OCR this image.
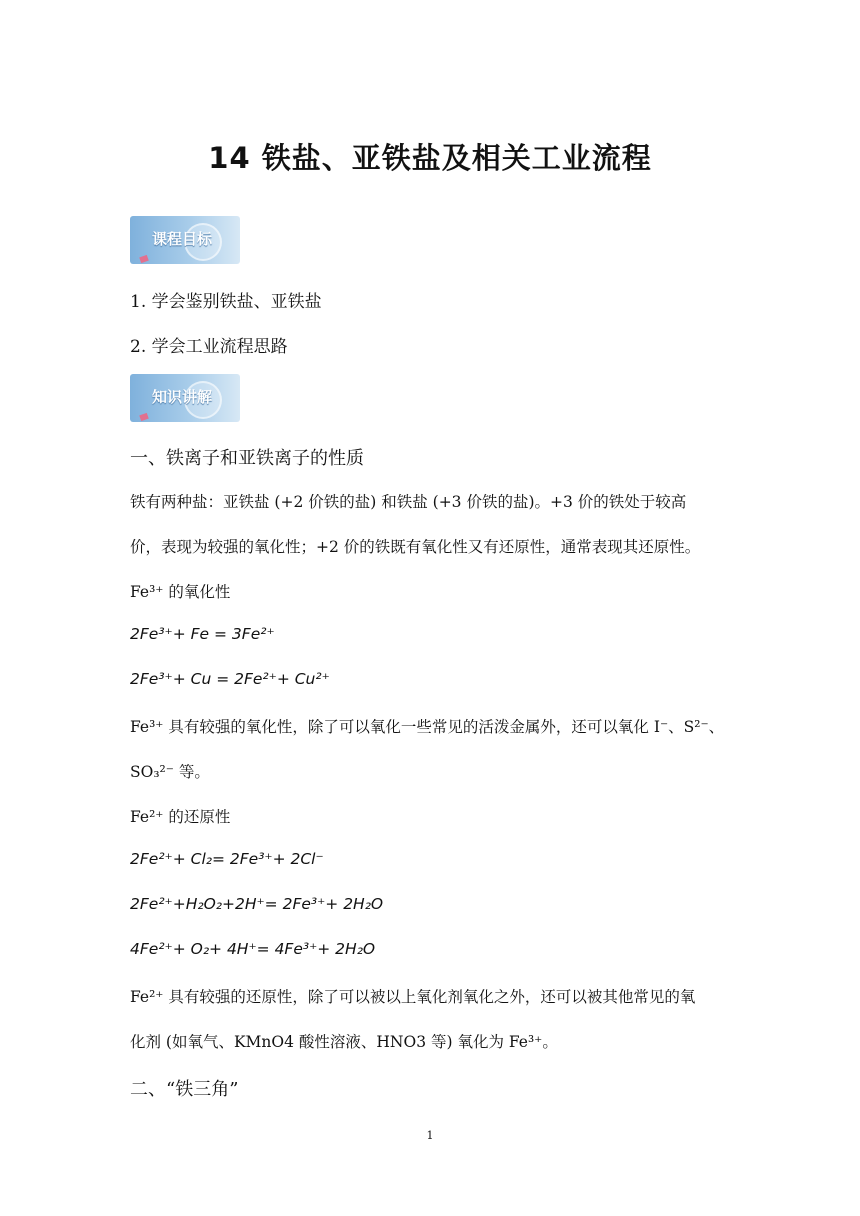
14 铁盐、亚铁盐及相关工业流程
课程目标
1. 学会鉴别铁盐、亚铁盐
2. 学会工业流程思路
知识讲解
一、铁离子和亚铁离子的性质
铁有两种盐：亚铁盐 (+2 价铁的盐) 和铁盐 (+3 价铁的盐)。+3 价的铁处于较高
价，表现为较强的氧化性；+2 价的铁既有氧化性又有还原性，通常表现其还原性。
Fe³⁺ 的氧化性
2Fe³⁺+ Fe = 3Fe²⁺
2Fe³⁺+ Cu = 2Fe²⁺+ Cu²⁺
Fe³⁺ 具有较强的氧化性，除了可以氧化一些常见的活泼金属外，还可以氧化 I⁻、S²⁻、
SO₃²⁻ 等。
Fe²⁺ 的还原性
2Fe²⁺+ Cl₂= 2Fe³⁺+ 2Cl⁻
2Fe²⁺+H₂O₂+2H⁺= 2Fe³⁺+ 2H₂O
4Fe²⁺+ O₂+ 4H⁺= 4Fe³⁺+ 2H₂O
Fe²⁺ 具有较强的还原性，除了可以被以上氧化剂氧化之外，还可以被其他常见的氧
化剂 (如氧气、KMnO4 酸性溶液、HNO3 等) 氧化为 Fe³⁺。
二、“铁三角”
1
